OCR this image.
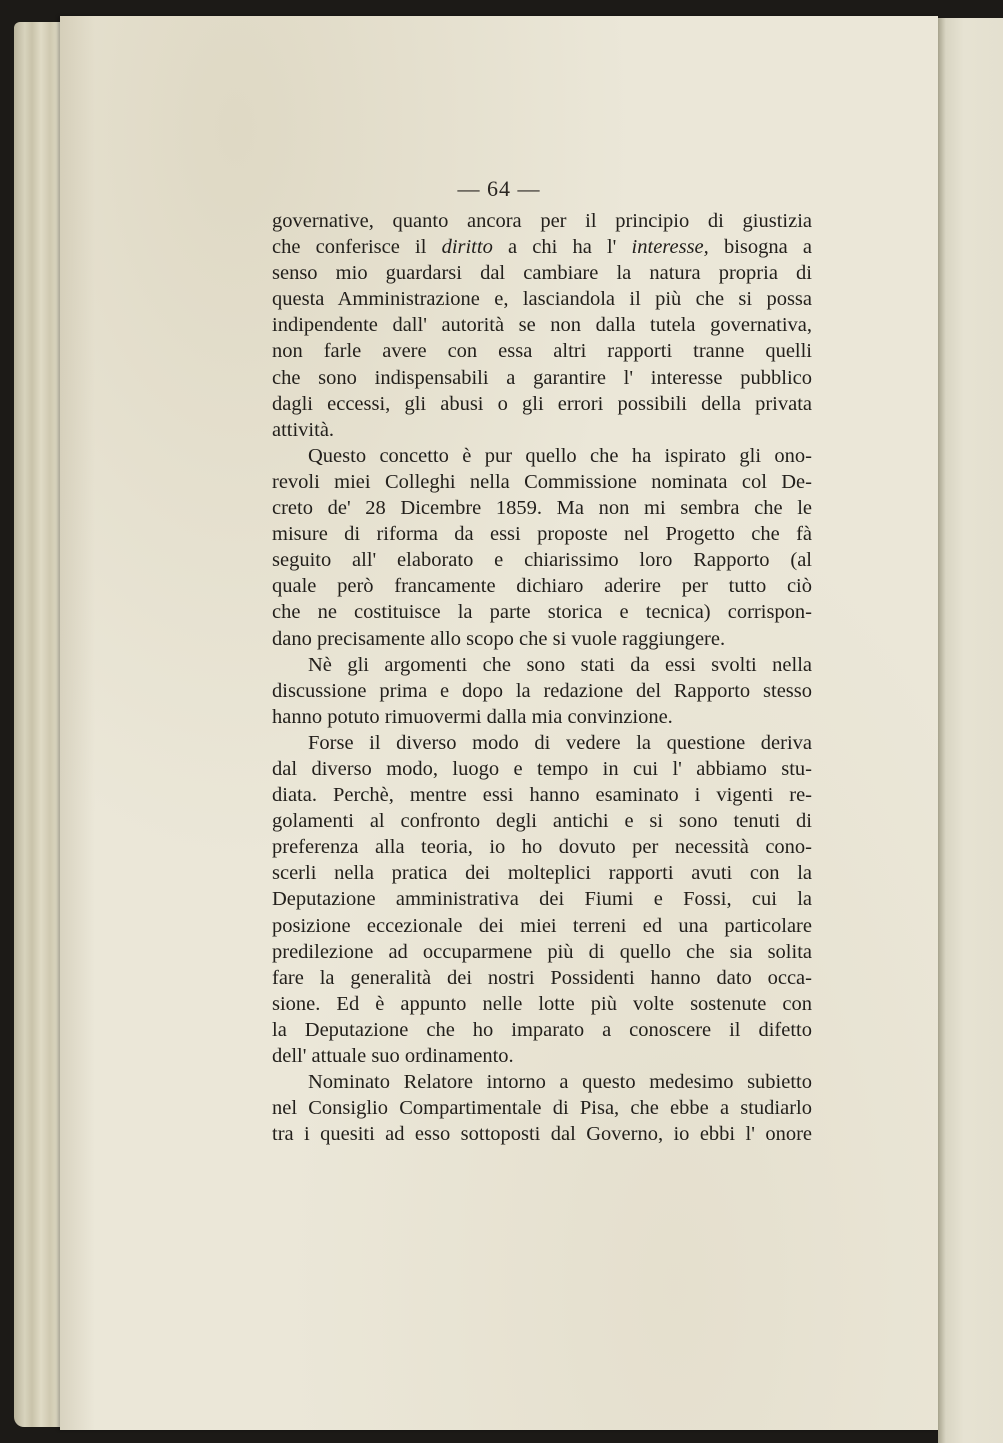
— 64 —
governative, quanto ancora per il principio di giustizia
che conferisce il diritto a chi ha l' interesse, bisogna a
senso mio guardarsi dal cambiare la natura propria di
questa Amministrazione e, lasciandola il più che si possa
indipendente dall' autorità se non dalla tutela governativa,
non farle avere con essa altri rapporti tranne quelli
che sono indispensabili a garantire l' interesse pubblico
dagli eccessi, gli abusi o gli errori possibili della privata
attività.
Questo concetto è pur quello che ha ispirato gli ono-
revoli miei Colleghi nella Commissione nominata col De-
creto de' 28 Dicembre 1859. Ma non mi sembra che le
misure di riforma da essi proposte nel Progetto che fà
seguito all' elaborato e chiarissimo loro Rapporto (al
quale però francamente dichiaro aderire per tutto ciò
che ne costituisce la parte storica e tecnica) corrispon-
dano precisamente allo scopo che si vuole raggiungere.
Nè gli argomenti che sono stati da essi svolti nella
discussione prima e dopo la redazione del Rapporto stesso
hanno potuto rimuovermi dalla mia convinzione.
Forse il diverso modo di vedere la questione deriva
dal diverso modo, luogo e tempo in cui l' abbiamo stu-
diata. Perchè, mentre essi hanno esaminato i vigenti re-
golamenti al confronto degli antichi e si sono tenuti di
preferenza alla teoria, io ho dovuto per necessità cono-
scerli nella pratica dei molteplici rapporti avuti con la
Deputazione amministrativa dei Fiumi e Fossi, cui la
posizione eccezionale dei miei terreni ed una particolare
predilezione ad occuparmene più di quello che sia solita
fare la generalità dei nostri Possidenti hanno dato occa-
sione. Ed è appunto nelle lotte più volte sostenute con
la Deputazione che ho imparato a conoscere il difetto
dell' attuale suo ordinamento.
Nominato Relatore intorno a questo medesimo subietto
nel Consiglio Compartimentale di Pisa, che ebbe a studiarlo
tra i quesiti ad esso sottoposti dal Governo, io ebbi l' onore
